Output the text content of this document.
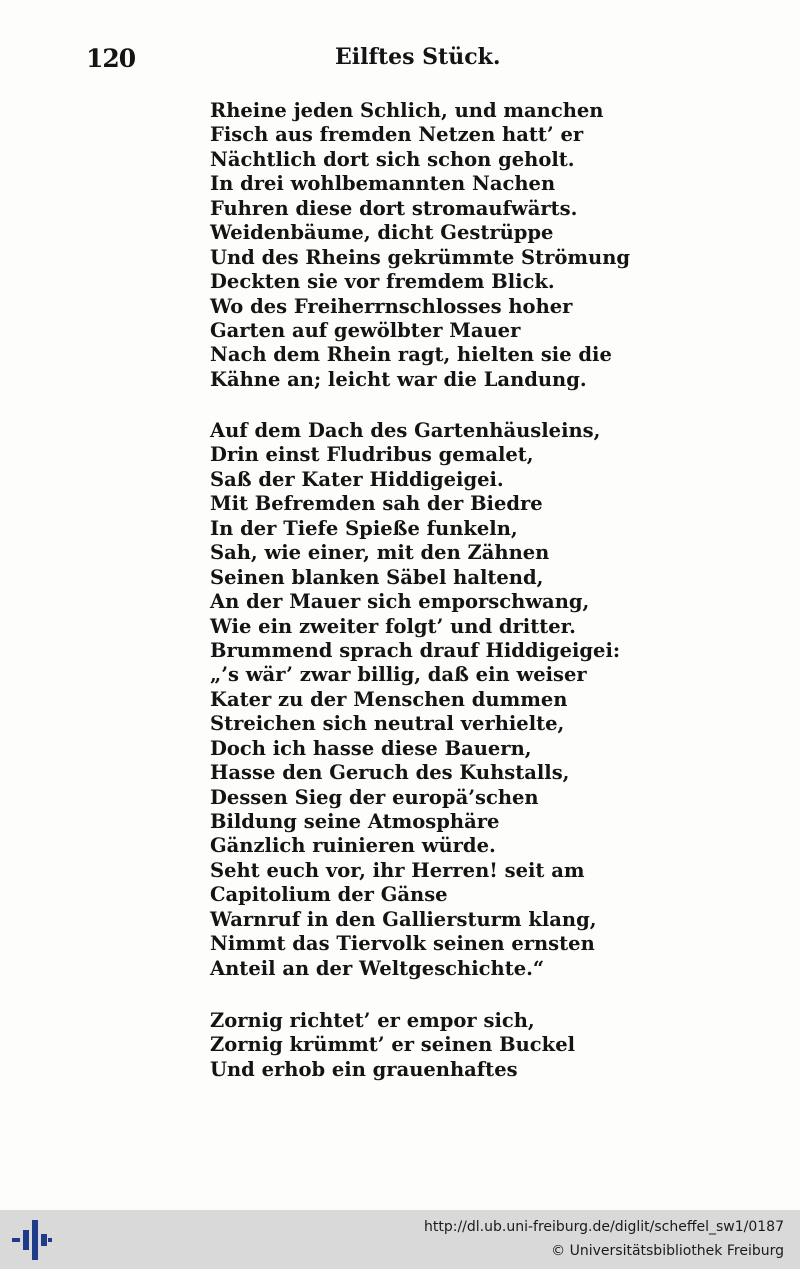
120	Eilftes Stück.
Rheine jeden Schlich, und manchen
Fisch aus fremden Netzen hatt’ er
Nächtlich dort sich schon geholt.
In drei wohlbemannten Nachen
Fuhren diese dort stromaufwärts.
Weidenbäume, dicht Gestrüppe
Und des Rheins gekrümmte Strömung
Deckten sie vor fremdem Blick.
Wo des Freiherrnschlosses hoher
Garten auf gewölbter Mauer
Nach dem Rhein ragt, hielten sie die
Kähne an; leicht war die Landung.
Auf dem Dach des Gartenhäusleins,
Drin einst Fludribus gemalet,
Saß der Kater Hiddigeigei.
Mit Befremden sah der Biedre
In der Tiefe Spieße funkeln,
Sah, wie einer, mit den Zähnen
Seinen blanken Säbel haltend,
An der Mauer sich emporschwang,
Wie ein zweiter folgt’ und dritter.
Brummend sprach drauf Hiddigeigei:
„’s wär’ zwar billig, daß ein weiser
Kater zu der Menschen dummen
Streichen sich neutral verhielte,
Doch ich hasse diese Bauern,
Hasse den Geruch des Kuhstalls,
Dessen Sieg der europä’schen
Bildung seine Atmosphäre
Gänzlich ruinieren würde.
Seht euch vor, ihr Herren! seit am
Capitolium der Gänse
Warnruf in den Galliersturm klang,
Nimmt das Tiervolk seinen ernsten
Anteil an der Weltgeschichte.“
Zornig richtet’ er empor sich,
Zornig krümmt’ er seinen Buckel
Und erhob ein grauenhaftes
http://dl.ub.uni-freiburg.de/diglit/scheffel_sw1/0187
© Universitätsbibliothek Freiburg
